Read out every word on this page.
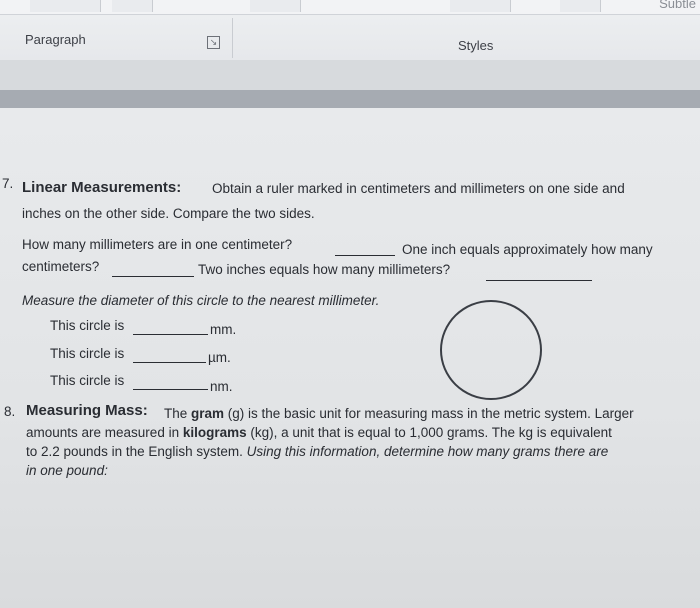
Subtle
Paragraph	↘	Styles
7. Linear Measurements: Obtain a ruler marked in centimeters and millimeters on one side and
inches on the other side. Compare the two sides.
How many millimeters are in one centimeter?	One inch equals approximately how many
centimeters?	Two inches equals how many millimeters?
Measure the diameter of this circle to the nearest millimeter.
This circle is	mm.
This circle is	µm.
This circle is	nm.
8. Measuring Mass: The gram (g) is the basic unit for measuring mass in the metric system. Larger
amounts are measured in kilograms (kg), a unit that is equal to 1,000 grams. The kg is equivalent
to 2.2 pounds in the English system. Using this information, determine how many grams there are
in one pound:
